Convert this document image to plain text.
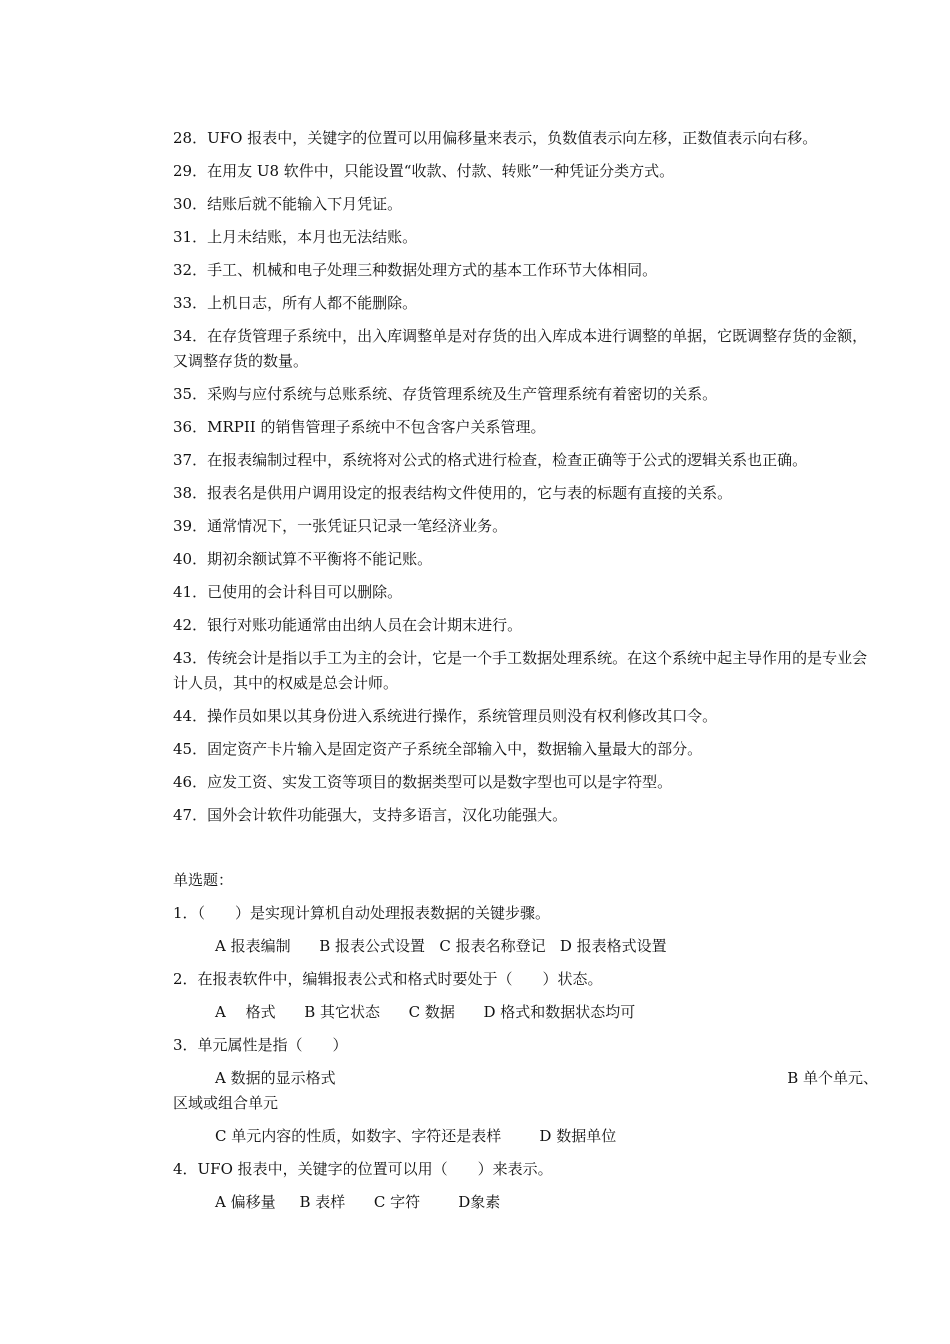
28．UFO 报表中，关键字的位置可以用偏移量来表示，负数值表示向左移，正数值表示向右移。
29．在用友 U8 软件中，只能设置“收款、付款、转账”一种凭证分类方式。
30．结账后就不能输入下月凭证。
31．上月未结账，本月也无法结账。
32．手工、机械和电子处理三种数据处理方式的基本工作环节大体相同。
33．上机日志，所有人都不能删除。
34．在存货管理子系统中，出入库调整单是对存货的出入库成本进行调整的单据，它既调整存货的金额，又调整存货的数量。
35．采购与应付系统与总账系统、存货管理系统及生产管理系统有着密切的关系。
36．MRPII 的销售管理子系统中不包含客户关系管理。
37．在报表编制过程中，系统将对公式的格式进行检查，检查正确等于公式的逻辑关系也正确。
38．报表名是供用户调用设定的报表结构文件使用的，它与表的标题有直接的关系。
39．通常情况下，一张凭证只记录一笔经济业务。
40．期初余额试算不平衡将不能记账。
41．已使用的会计科目可以删除。
42．银行对账功能通常由出纳人员在会计期末进行。
43．传统会计是指以手工为主的会计，它是一个手工数据处理系统。在这个系统中起主导作用的是专业会计人员，其中的权威是总会计师。
44．操作员如果以其身份进入系统进行操作，系统管理员则没有权利修改其口令。
45．固定资产卡片输入是固定资产子系统全部输入中，数据输入量最大的部分。
46．应发工资、实发工资等项目的数据类型可以是数字型也可以是字符型。
47．国外会计软件功能强大，支持多语言，汉化功能强大。
单选题：
1．（　　）是实现计算机自动处理报表数据的关键步骤。
A 报表编制 B 报表公式设置 C 报表名称登记 D 报表格式设置
2．在报表软件中，编辑报表公式和格式时要处于（　　）状态。
A　 格式 B 其它状态 C 数据 D 格式和数据状态均可
3．单元属性是指（　　）
A 数据的显示格式	B 单个单元、
区域或组合单元
C 单元内容的性质，如数字、字符还是表样	D 数据单位
4．UFO 报表中，关键字的位置可以用（　　）来表示。
A 偏移量 B 表样 C 字符	D象素
